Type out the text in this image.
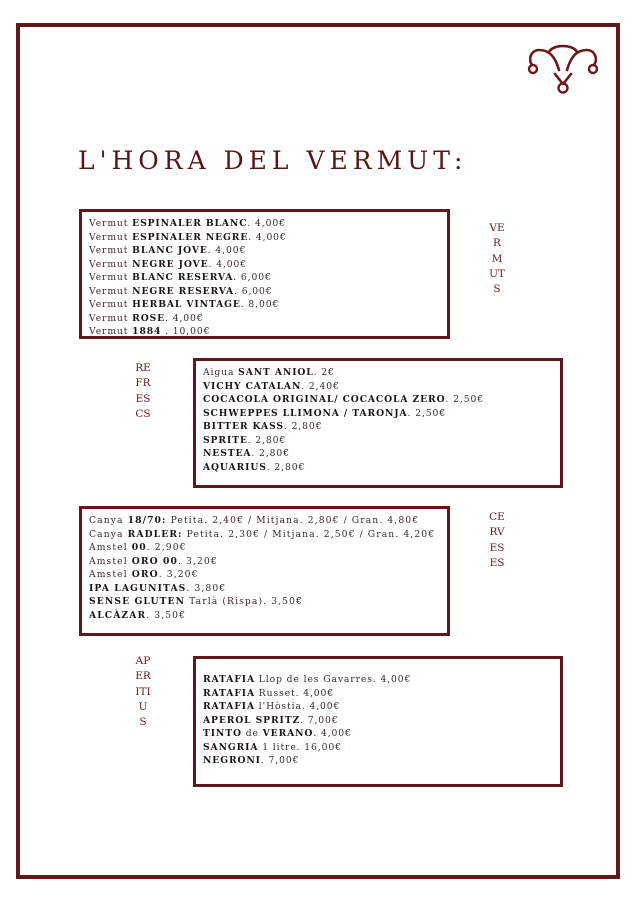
L'HORA DEL VERMUT:
Vermut ESPINALER BLANC. 4,00€
Vermut ESPINALER NEGRE. 4,00€
Vermut BLANC JOVE. 4,00€
Vermut NEGRE JOVE. 4,00€
Vermut BLANC RESERVA. 6,00€
Vermut NEGRE RESERVA. 6,00€
Vermut HERBAL VINTAGE. 8,00€
Vermut ROSE. 4,00€
Vermut 1884 . 10,00€
VERMUTS
REFRESCS
Aigua SANT ANIOL. 2€
VICHY CATALAN. 2,40€
COCACOLA ORIGINAL/ COCACOLA ZERO. 2,50€
SCHWEPPES LLIMONA / TARONJA. 2,50€
BITTER KASS. 2,80€
SPRITE. 2,80€
NESTEA. 2,80€
AQUARIUS. 2,80€
Canya 18/70: Petita. 2,40€ / Mitjana. 2,80€ / Gran. 4,80€
Canya RADLER: Petita. 2,30€ / Mitjana. 2,50€ / Gran. 4,20€
Amstel 00. 2,90€
Amstel ORO 00. 3,20€
Amstel ORO. 3,20€
IPA LAGUNITAS. 3,80€
SENSE GLUTEN Tarlà (Rispa). 3,50€
ALCÀZAR. 3,50€
CERVESES
APERITIUS
RATAFIA Llop de les Gavarres. 4,00€
RATAFIA Russet. 4,00€
RATAFIA l'Hòstia. 4,00€
APEROL SPRITZ. 7,00€
TINTO de VERANO. 4,00€
SANGRIA 1 litre. 16,00€
NEGRONI. 7,00€
